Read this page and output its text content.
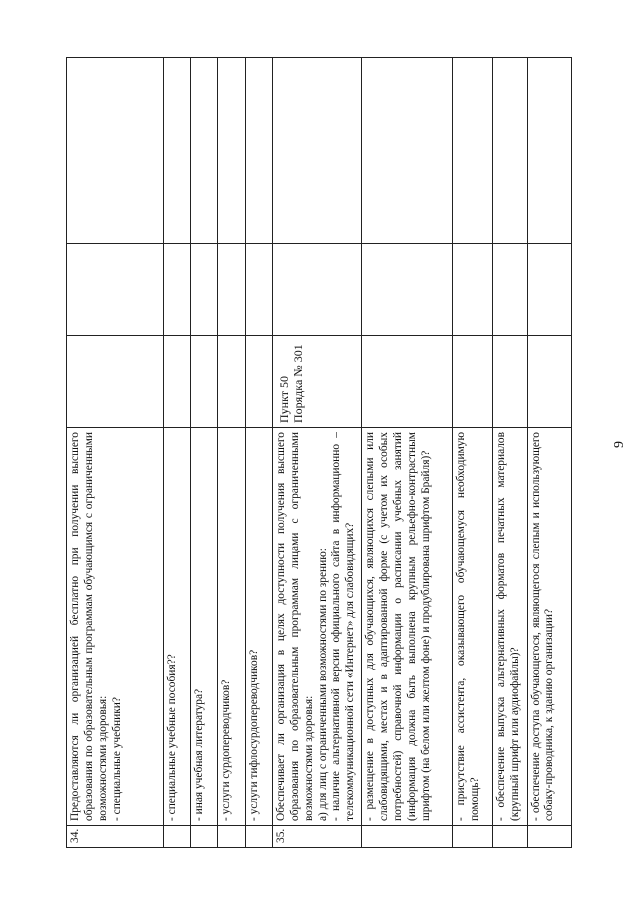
9
34.	Предоставляются ли организацией бесплатно при получении высшего образования по образовательным программам обучающимся с ограниченными возможностями здоровья:
- специальные учебники?			
	- специальные учебные пособия??			
	- иная учебная литература?			
	- услуги сурдопереводчиков?			
	- услуги тифлосурдопереводчиков?			
35.	Обеспечивает ли организация в целях доступности получения высшего образования по образовательным программам лицами с ограниченными возможностями здоровья:
а) для лиц с ограниченными возможностями по зрению:
- наличие альтернативной версии официального сайта в информационно – телекоммуникационной сети «Интернет» для слабовидящих?	Пункт 50 Порядка № 301		
	- размещение в доступных для обучающихся, являющихся слепыми или слабовидящими, местах и в адаптированной форме (с учетом их особых потребностей) справочной информации о расписании учебных занятий (информация должна быть выполнена крупным рельефно-контрастным шрифтом (на белом или желтом фоне) и продублирована шрифтом Брайля)?			
	- присутствие ассистента, оказывающего обучающемуся необходимую помощь?			
	- обеспечение выпуска альтернативных форматов печатных материалов (крупный шрифт или аудиофайлы)?			
	- обеспечение доступа обучающегося, являющегося слепым и использующего собаку-проводника, к зданию организации?			
